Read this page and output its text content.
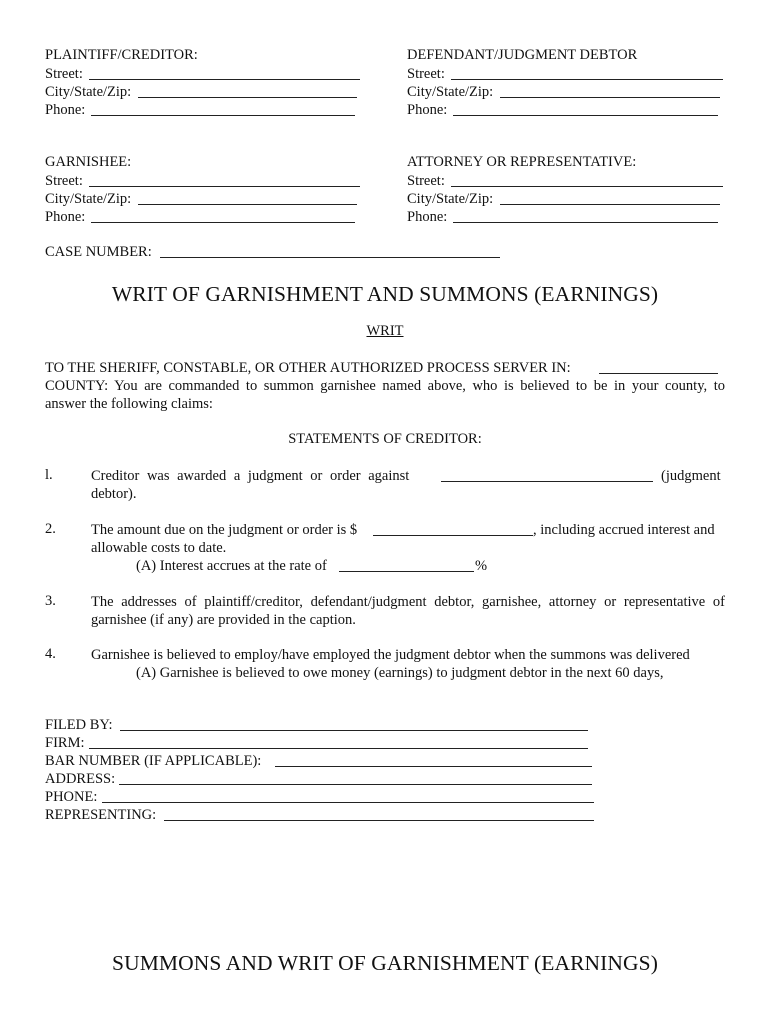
PLAINTIFF/CREDITOR:
Street:
City/State/Zip:
Phone:
DEFENDANT/JUDGMENT DEBTOR
Street:
City/State/Zip:
Phone:
GARNISHEE:
Street:
City/State/Zip:
Phone:
ATTORNEY OR REPRESENTATIVE:
Street:
City/State/Zip:
Phone:
CASE NUMBER:
WRIT OF GARNISHMENT AND SUMMONS (EARNINGS)
WRIT
TO THE SHERIFF, CONSTABLE, OR OTHER AUTHORIZED PROCESS SERVER IN:
COUNTY: You are commanded to summon garnishee named above, who is believed to be in your county, to
answer the following claims:
STATEMENTS OF CREDITOR:
l.	Creditor was awarded a judgment or order against	(judgment
debtor).
2. The amount due on the judgment or order is $	, including accrued interest and
allowable costs to date.
(A) Interest accrues at the rate of	%
3. The addresses of plaintiff/creditor, defendant/judgment debtor, garnishee, attorney or representative of
garnishee (if any) are provided in the caption.
4. Garnishee is believed to employ/have employed the judgment debtor when the summons was delivered
(A) Garnishee is believed to owe money (earnings) to judgment debtor in the next 60 days,
FILED BY:
FIRM:
BAR NUMBER (IF APPLICABLE):
ADDRESS:
PHONE:
REPRESENTING:
SUMMONS AND WRIT OF GARNISHMENT (EARNINGS)
